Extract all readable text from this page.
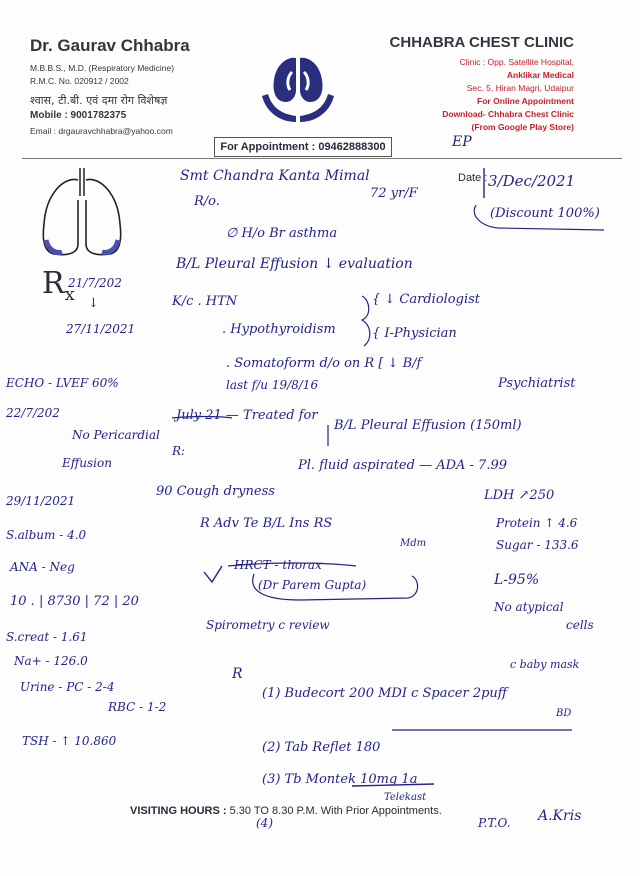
Dr. Gaurav Chhabra
M.B.B.S., M.D. (Respiratory Medicine)
R.M.C. No. 020912 / 2002
श्वास, टी.बी. एवं दमा रोग विशेषज्ञ
Mobile : 9001782375
Email : drgauravchhabra@yahoo.com
CHHABRA CHEST CLINIC
Clinic : Opp. Satellite Hospital,
Anklikar Medical
Sec. 5, Hiran Magri, Udaipur
For Online Appointment
Download- Chhabra Chest Clinic
(From Google Play Store)
For Appointment : 09462888300
$R_x$
Date :
EP
Smt Chandra Kanta Mimal
72 yr/F
R/o.
3/Dec/2021
(Discount 100%)
∅ H/o Br asthma
B/L Pleural Effusion ↓ evaluation
K/c . HTN
. Hypothyroidism
{ ↓ Cardiologist
{ I-Physician
. Somatoform d/o on R [ ↓ B/f
last f/u 19/8/16	Psychiatrist
21/7/202
↓
27/11/2021
ECHO - LVEF 60%
22/7/202
No Pericardial
Effusion
July 21 — Treated for
B/L Pleural Effusion (150ml)
R:
Pl. fluid aspirated — ADA - 7.99
LDH ↗250
29/11/2021
90 Cough dryness
R Adv Te B/L Ins RS
Mdm
Protein ↑ 4.6
Sugar - 133.6
S.album - 4.0
ANA - Neg	HRCT - thorax
(Dr Parem Gupta)	L-95%
No atypical
cells
10 . | 8730 | 72 | 20
Spirometry c review
S.creat - 1.61
Na+ - 126.0
Urine - PC - 2-4
RBC - 1-2
TSH - ↑ 10.860
c baby mask
R
(1) Budecort 200 MDI c Spacer 2puff
BD
(2) Tab Reflet 180
(3) Tb Montek 10mg 1a
Telekast
P.T.O. A.Kris
(4)
VISITING HOURS : 5.30 TO 8.30 P.M. With Prior Appointments.
